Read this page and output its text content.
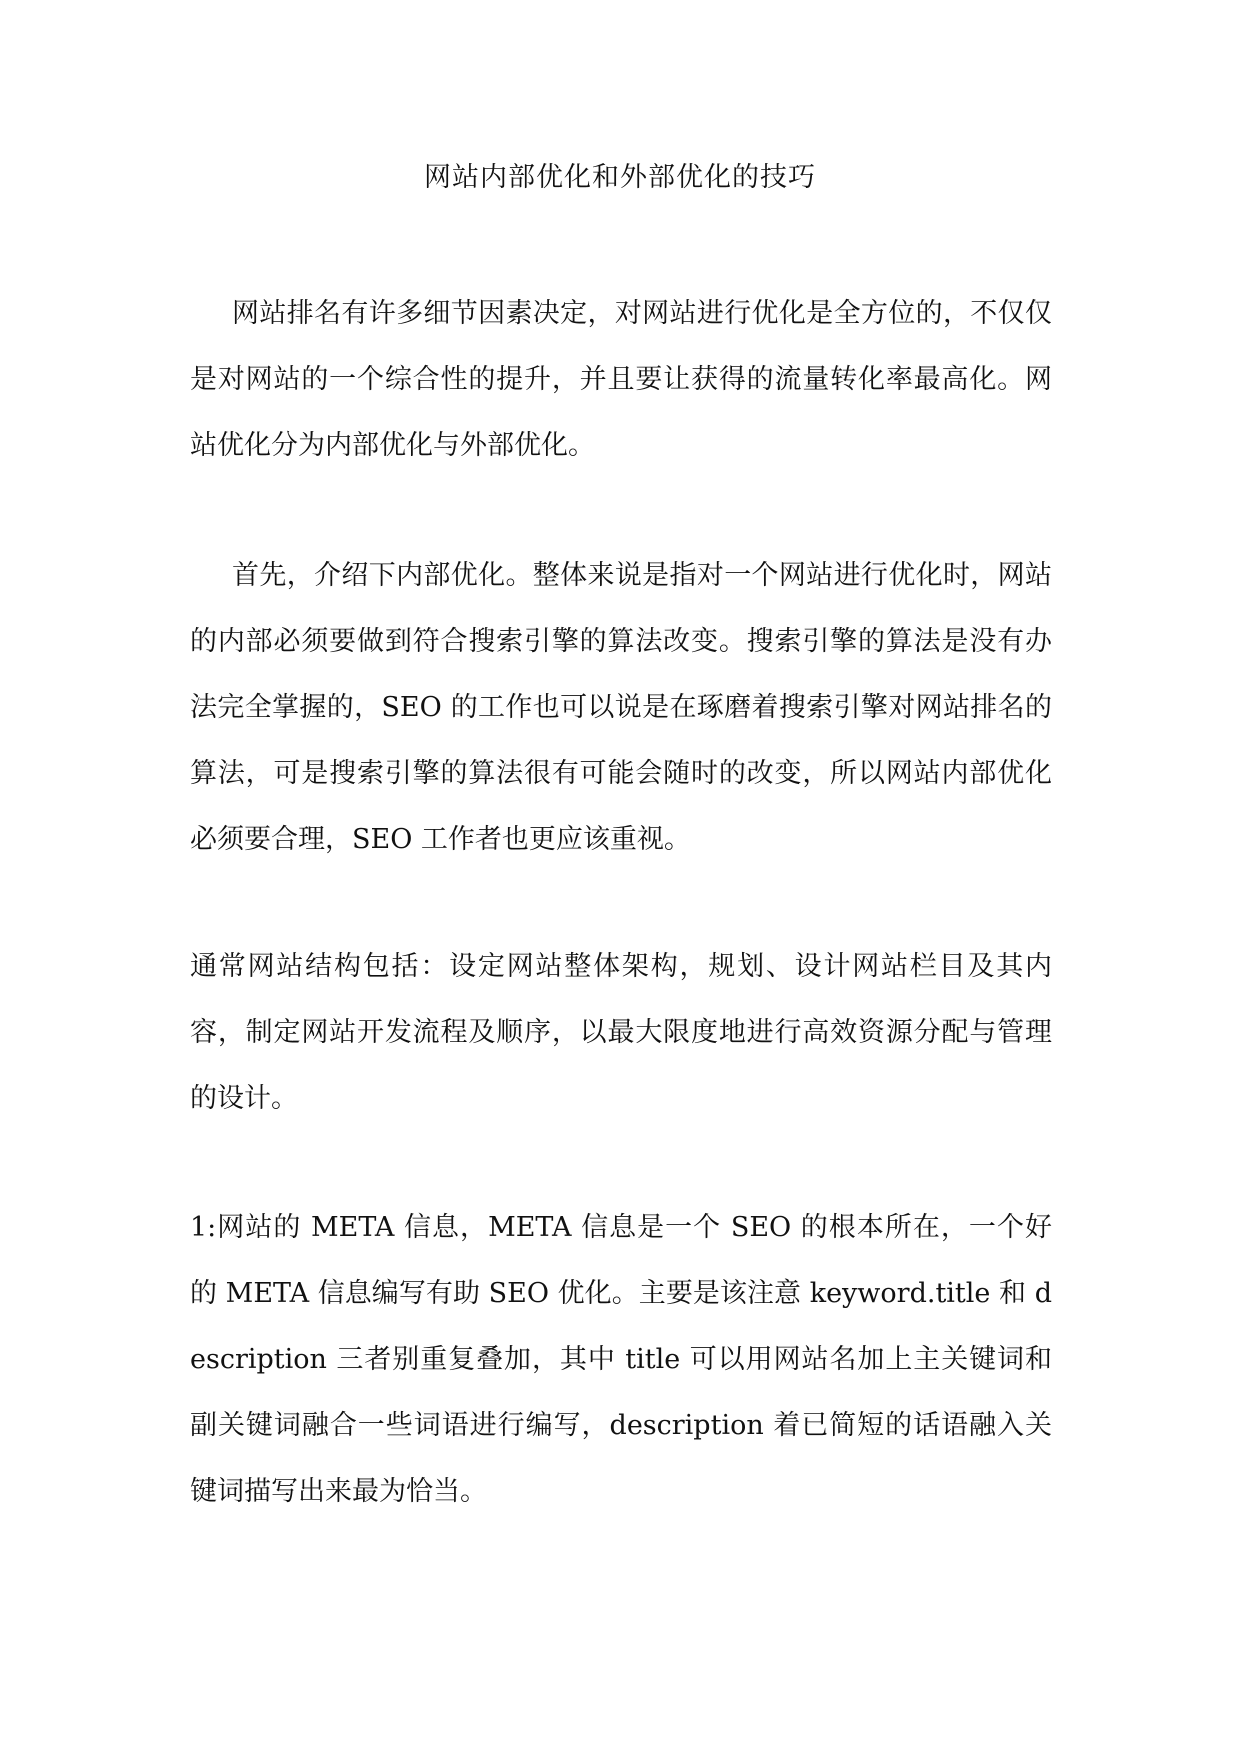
网站内部优化和外部优化的技巧

网站排名有许多细节因素决定，对网站进行优化是全方位的，不仅仅是对网站的一个综合性的提升，并且要让获得的流量转化率最高化。网站优化分为内部优化与外部优化。

首先，介绍下内部优化。整体来说是指对一个网站进行优化时，网站的内部必须要做到符合搜索引擎的算法改变。搜索引擎的算法是没有办法完全掌握的，SEO 的工作也可以说是在琢磨着搜索引擎对网站排名的算法，可是搜索引擎的算法很有可能会随时的改变，所以网站内部优化必须要合理，SEO 工作者也更应该重视。

通常网站结构包括：设定网站整体架构，规划、设计网站栏目及其内容，制定网站开发流程及顺序，以最大限度地进行高效资源分配与管理的设计。

1:网站的 META 信息，META 信息是一个 SEO 的根本所在，一个好的 META 信息编写有助 SEO 优化。主要是该注意 keyword.title 和 description 三者别重复叠加，其中 title 可以用网站名加上主关键词和副关键词融合一些词语进行编写，description 着已简短的话语融入关键词描写出来最为恰当。
